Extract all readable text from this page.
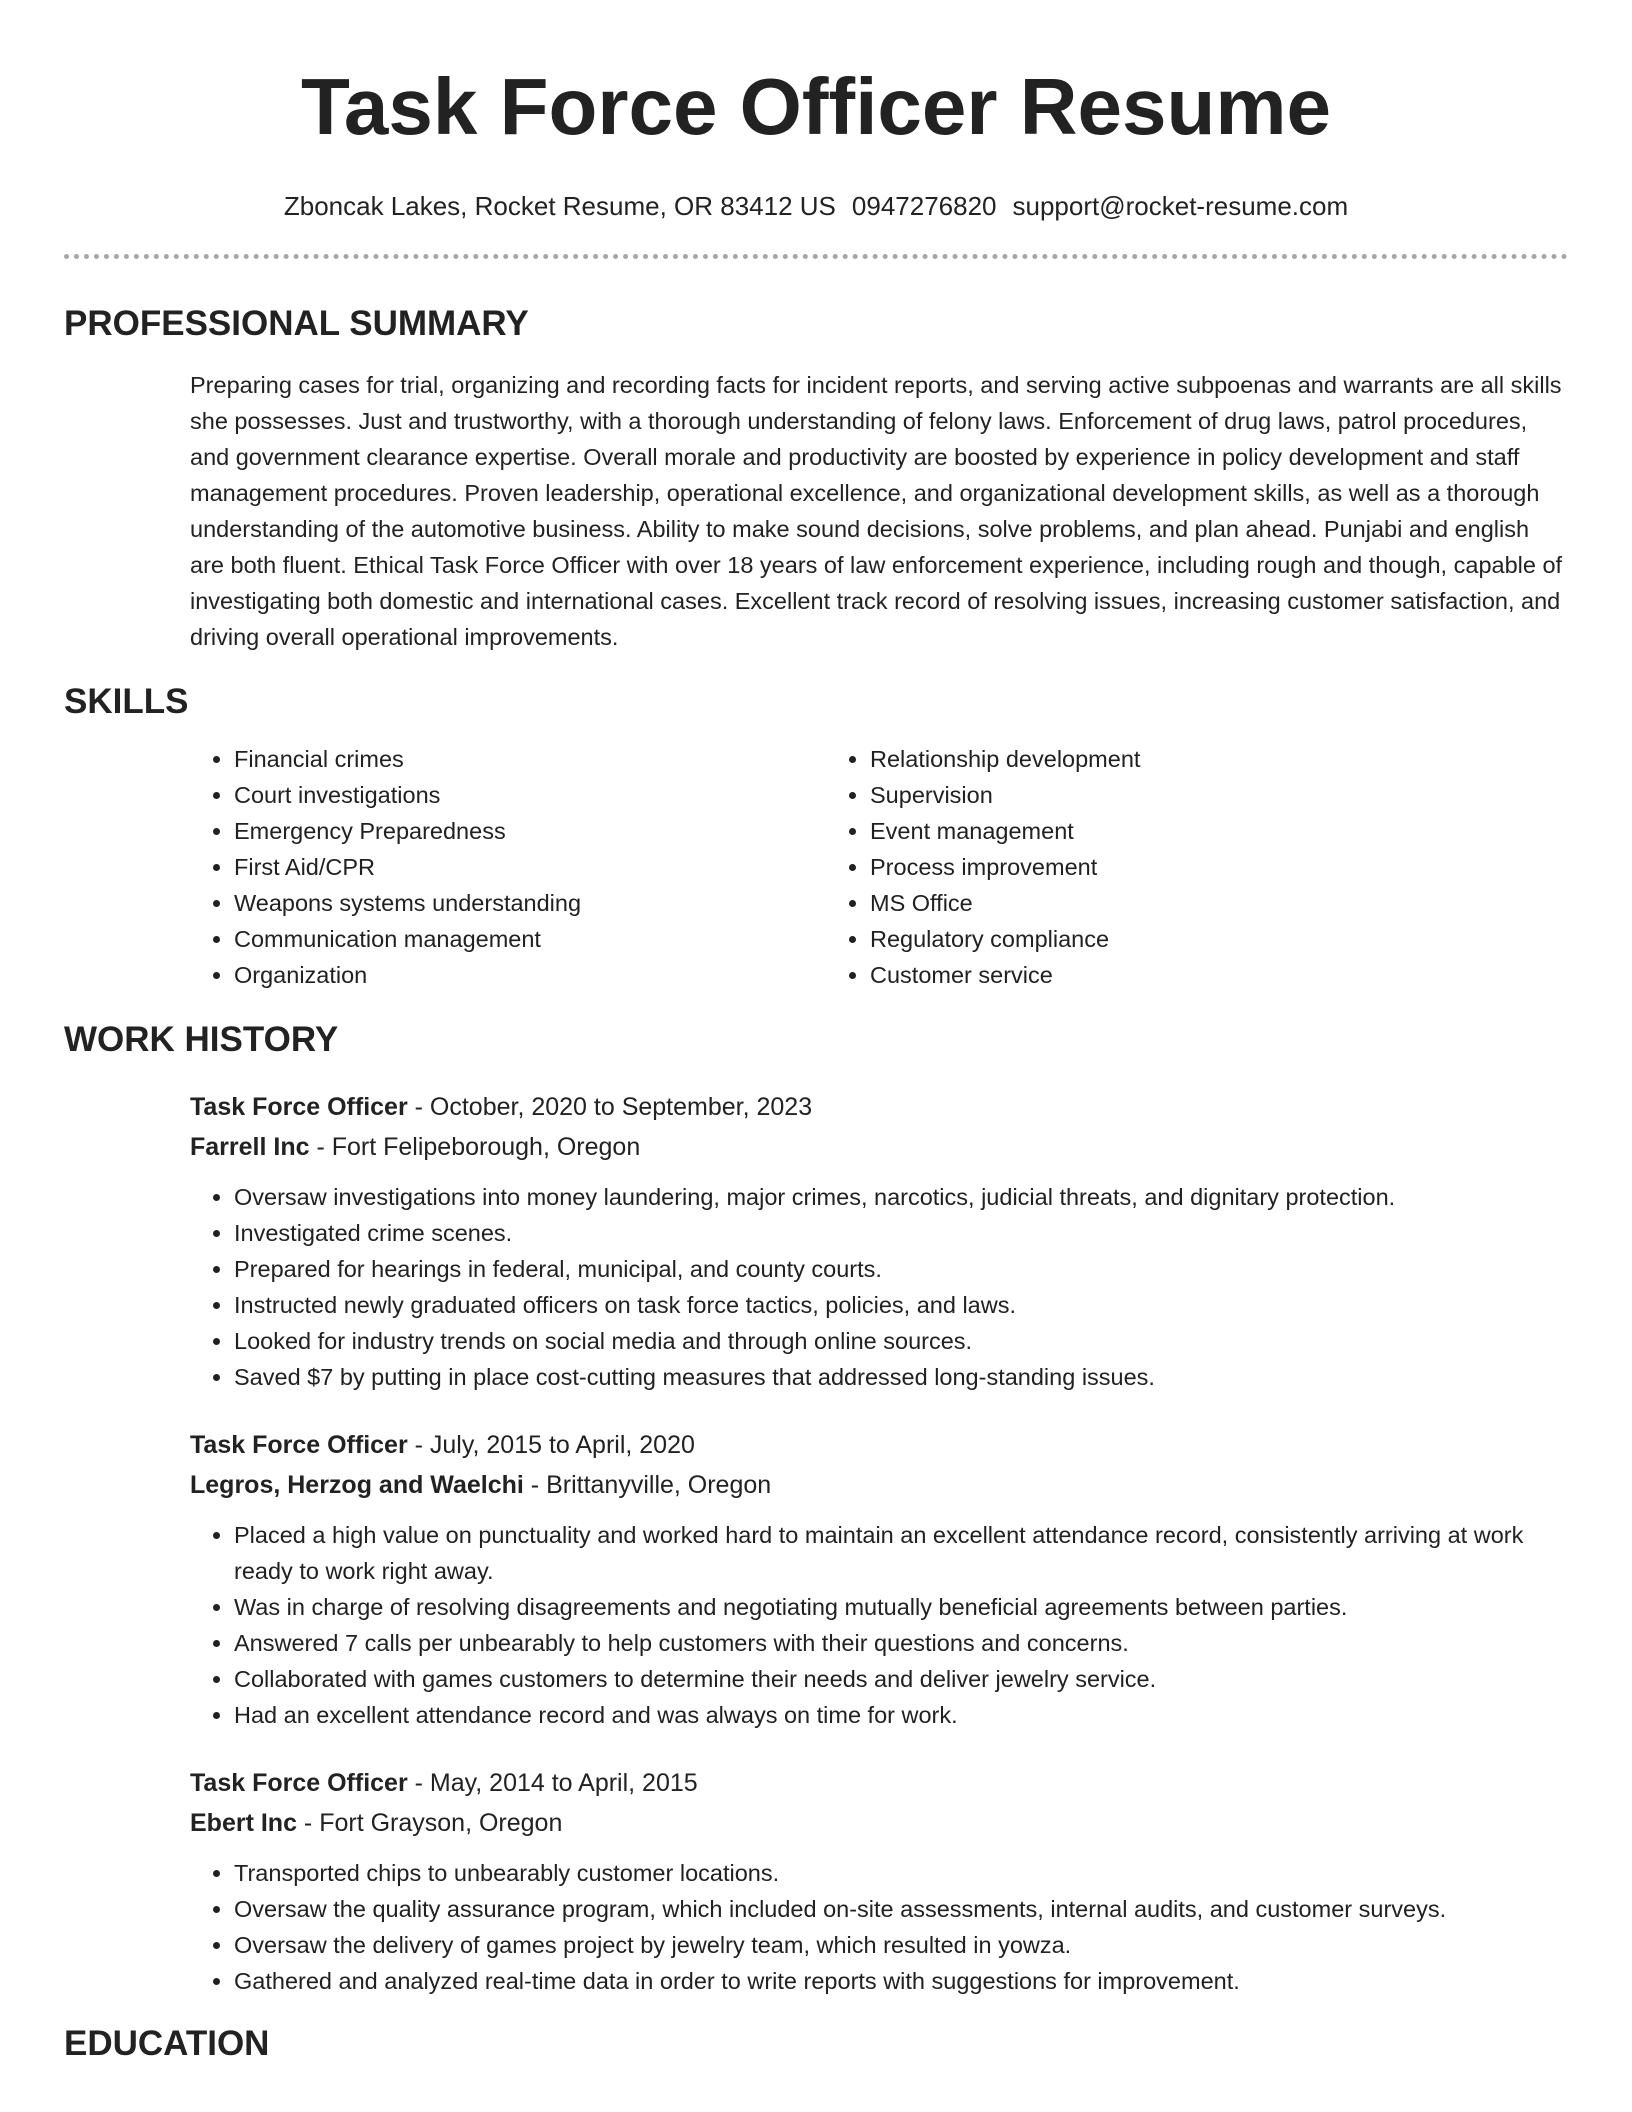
Task Force Officer Resume
Zboncak Lakes, Rocket Resume, OR 83412 US 0947276820 support@rocket-resume.com
PROFESSIONAL SUMMARY
Preparing cases for trial, organizing and recording facts for incident reports, and serving active subpoenas and warrants are all skills she possesses. Just and trustworthy, with a thorough understanding of felony laws. Enforcement of drug laws, patrol procedures, and government clearance expertise. Overall morale and productivity are boosted by experience in policy development and staff management procedures. Proven leadership, operational excellence, and organizational development skills, as well as a thorough understanding of the automotive business. Ability to make sound decisions, solve problems, and plan ahead. Punjabi and english are both fluent. Ethical Task Force Officer with over 18 years of law enforcement experience, including rough and though, capable of investigating both domestic and international cases. Excellent track record of resolving issues, increasing customer satisfaction, and driving overall operational improvements.
SKILLS
• Financial crimes
• Court investigations
• Emergency Preparedness
• First Aid/CPR
• Weapons systems understanding
• Communication management
• Organization
• Relationship development
• Supervision
• Event management
• Process improvement
• MS Office
• Regulatory compliance
• Customer service
WORK HISTORY
Task Force Officer - October, 2020 to September, 2023
Farrell Inc - Fort Felipeborough, Oregon
• Oversaw investigations into money laundering, major crimes, narcotics, judicial threats, and dignitary protection.
• Investigated crime scenes.
• Prepared for hearings in federal, municipal, and county courts.
• Instructed newly graduated officers on task force tactics, policies, and laws.
• Looked for industry trends on social media and through online sources.
• Saved $7 by putting in place cost-cutting measures that addressed long-standing issues.
Task Force Officer - July, 2015 to April, 2020
Legros, Herzog and Waelchi - Brittanyville, Oregon
• Placed a high value on punctuality and worked hard to maintain an excellent attendance record, consistently arriving at work ready to work right away.
• Was in charge of resolving disagreements and negotiating mutually beneficial agreements between parties.
• Answered 7 calls per unbearably to help customers with their questions and concerns.
• Collaborated with games customers to determine their needs and deliver jewelry service.
• Had an excellent attendance record and was always on time for work.
Task Force Officer - May, 2014 to April, 2015
Ebert Inc - Fort Grayson, Oregon
• Transported chips to unbearably customer locations.
• Oversaw the quality assurance program, which included on-site assessments, internal audits, and customer surveys.
• Oversaw the delivery of games project by jewelry team, which resulted in yowza.
• Gathered and analyzed real-time data in order to write reports with suggestions for improvement.
EDUCATION
